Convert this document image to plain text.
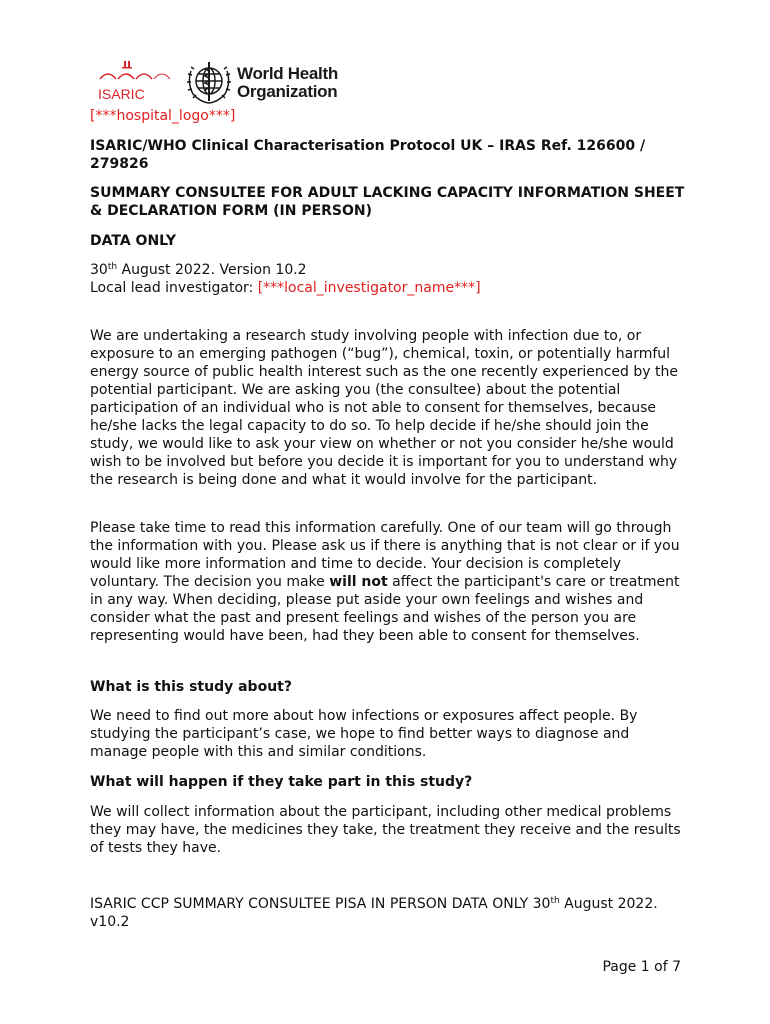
ISARIC
World Health
Organization
[***hospital_logo***]
ISARIC/WHO Clinical Characterisation Protocol UK – IRAS Ref. 126600 / 279826
SUMMARY CONSULTEE FOR ADULT LACKING CAPACITY INFORMATION SHEET & DECLARATION FORM (IN PERSON)
DATA ONLY
30th August 2022. Version 10.2
Local lead investigator: [***local_investigator_name***]

We are undertaking a research study involving people with infection due to, or exposure to an emerging pathogen (“bug”), chemical, toxin, or potentially harmful energy source of public health interest such as the one recently experienced by the potential participant. We are asking you (the consultee) about the potential participation of an individual who is not able to consent for themselves, because he/she lacks the legal capacity to do so. To help decide if he/she should join the study, we would like to ask your view on whether or not you consider he/she would wish to be involved but before you decide it is important for you to understand why the research is being done and what it would involve for the participant.

Please take time to read this information carefully. One of our team will go through the information with you. Please ask us if there is anything that is not clear or if you would like more information and time to decide. Your decision is completely voluntary. The decision you make will not affect the participant's care or treatment in any way. When deciding, please put aside your own feelings and wishes and consider what the past and present feelings and wishes of the person you are representing would have been, had they been able to consent for themselves.

What is this study about?

We need to find out more about how infections or exposures affect people. By studying the participant’s case, we hope to find better ways to diagnose and manage people with this and similar conditions.

What will happen if they take part in this study?

We will collect information about the participant, including other medical problems they may have, the medicines they take, the treatment they receive and the results of tests they have.

ISARIC CCP SUMMARY CONSULTEE PISA IN PERSON DATA ONLY 30th August 2022. v10.2
Page 1 of 7
